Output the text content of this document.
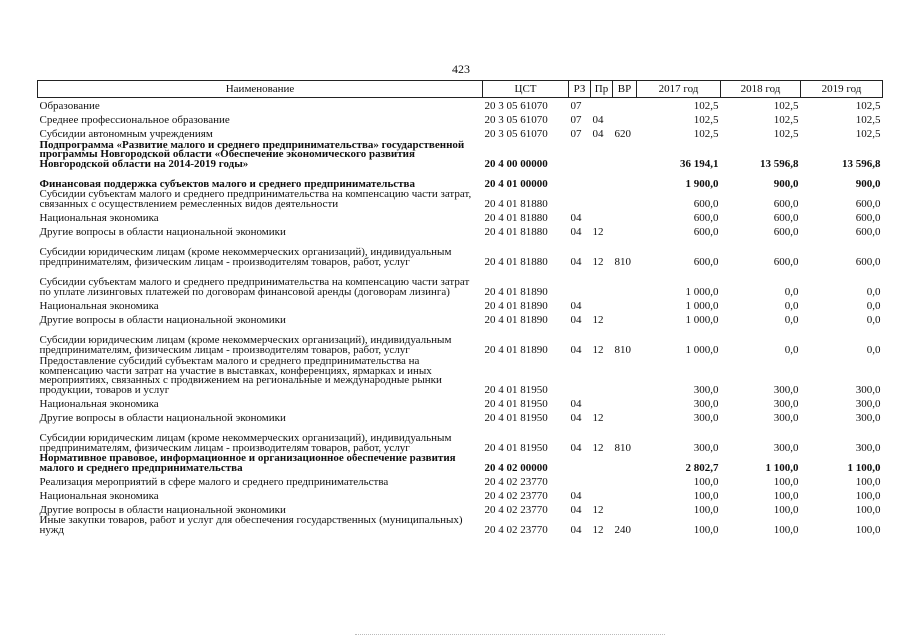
423
Наименование	ЦСТ	РЗ	Пр	ВР	2017 год	2018 год	2019 год
Образование	20 3 05 61070	07			102,5	102,5	102,5
Среднее профессиональное образование	20 3 05 61070	07	04		102,5	102,5	102,5
Субсидии автономным учреждениям	20 3 05 61070	07	04	620	102,5	102,5	102,5
Подпрограмма «Развитие малого и среднего предпринимательства» государственной программы Новгородской области «Обеспечение экономического развития Новгородской области на 2014-2019 годы»	20 4 00 00000				36 194,1	13 596,8	13 596,8
Финансовая поддержка субъектов малого и среднего предпринимательства	20 4 01 00000				1 900,0	900,0	900,0
Субсидии субъектам малого и среднего предпринимательства на компенсацию части затрат, связанных с осуществлением ремесленных видов деятельности	20 4 01 81880				600,0	600,0	600,0
Национальная экономика	20 4 01 81880	04			600,0	600,0	600,0
Другие вопросы в области национальной экономики	20 4 01 81880	04	12		600,0	600,0	600,0
Субсидии юридическим лицам (кроме некоммерческих организаций), индивидуальным предпринимателям, физическим лицам - производителям товаров, работ, услуг	20 4 01 81880	04	12	810	600,0	600,0	600,0
Субсидии субъектам малого и среднего предпринимательства на компенсацию части затрат по уплате лизинговых платежей по договорам финансовой аренды (договорам лизинга)	20 4 01 81890				1 000,0	0,0	0,0
Национальная экономика	20 4 01 81890	04			1 000,0	0,0	0,0
Другие вопросы в области национальной экономики	20 4 01 81890	04	12		1 000,0	0,0	0,0
Субсидии юридическим лицам (кроме некоммерческих организаций), индивидуальным предпринимателям, физическим лицам - производителям товаров, работ, услуг	20 4 01 81890	04	12	810	1 000,0	0,0	0,0
Предоставление субсидий субъектам малого и среднего предпринимательства на компенсацию части затрат на участие в выставках, конференциях, ярмарках и иных мероприятиях, связанных с продвижением на региональные и международные рынки продукции, товаров и услуг	20 4 01 81950				300,0	300,0	300,0
Национальная экономика	20 4 01 81950	04			300,0	300,0	300,0
Другие вопросы в области национальной экономики	20 4 01 81950	04	12		300,0	300,0	300,0
Субсидии юридическим лицам (кроме некоммерческих организаций), индивидуальным предпринимателям, физическим лицам - производителям товаров, работ, услуг	20 4 01 81950	04	12	810	300,0	300,0	300,0
Нормативное правовое, информационное и организационное обеспечение развития малого и среднего предпринимательства	20 4 02 00000				2 802,7	1 100,0	1 100,0
Реализация мероприятий в сфере малого и среднего предпринимательства	20 4 02 23770				100,0	100,0	100,0
Национальная экономика	20 4 02 23770	04			100,0	100,0	100,0
Другие вопросы в области национальной экономики	20 4 02 23770	04	12		100,0	100,0	100,0
Иные закупки товаров, работ и услуг для обеспечения государственных (муниципальных) нужд	20 4 02 23770	04	12	240	100,0	100,0	100,0
